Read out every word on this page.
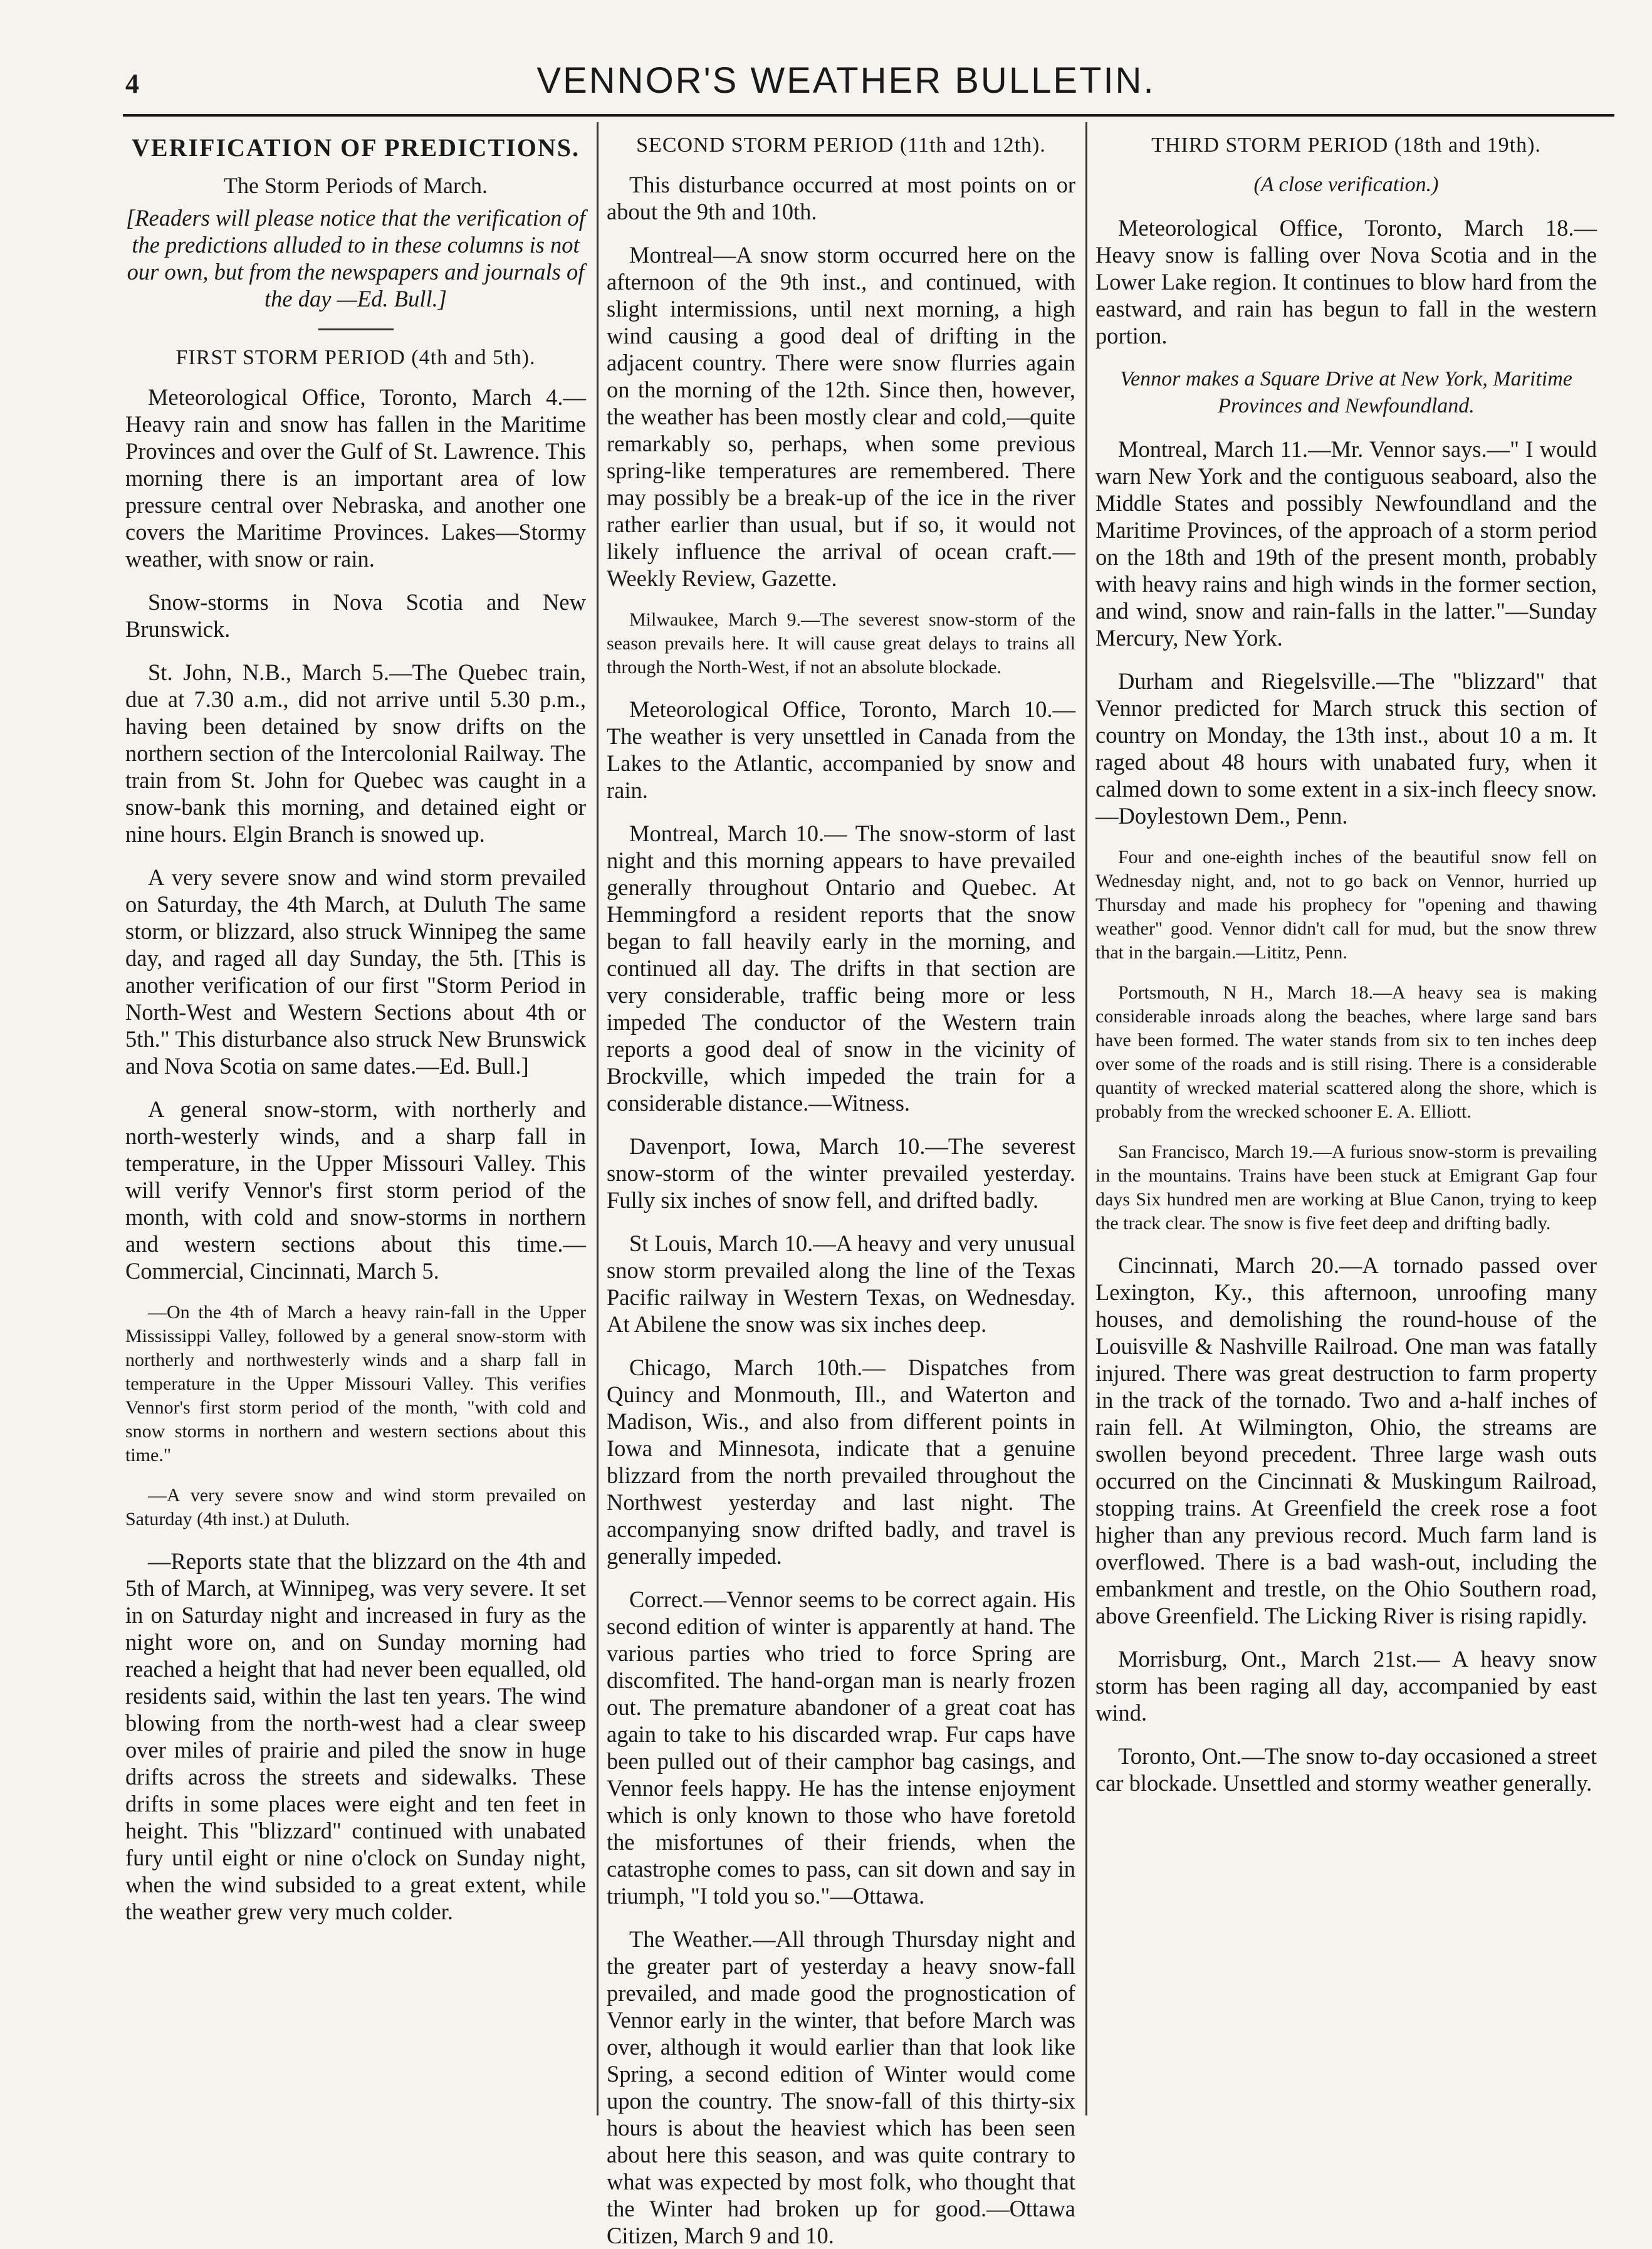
4	VENNOR'S WEATHER BULLETIN.
VERIFICATION OF PREDICTIONS.
The Storm Periods of March.

[Readers will please notice that the verification of the predictions alluded to in these columns is not our own, but from the newspapers and journals of the day —Ed. Bull.]

FIRST STORM PERIOD (4th and 5th).

Meteorological Office, Toronto, March 4.— Heavy rain and snow has fallen in the Maritime Provinces and over the Gulf of St. Lawrence. This morning there is an important area of low pressure central over Nebraska, and another one covers the Maritime Provinces. Lakes—Stormy weather, with snow or rain.

Snow-storms in Nova Scotia and New Brunswick.

St. John, N.B., March 5.—The Quebec train, due at 7.30 a.m., did not arrive until 5.30 p.m., having been detained by snow drifts on the northern section of the Intercolonial Railway. The train from St. John for Quebec was caught in a snow-bank this morning, and detained eight or nine hours. Elgin Branch is snowed up.

A very severe snow and wind storm prevailed on Saturday, the 4th March, at Duluth The same storm, or blizzard, also struck Winnipeg the same day, and raged all day Sunday, the 5th. [This is another verification of our first "Storm Period in North-West and Western Sections about 4th or 5th." This disturbance also struck New Brunswick and Nova Scotia on same dates.—Ed. Bull.]

A general snow-storm, with northerly and north-westerly winds, and a sharp fall in temperature, in the Upper Missouri Valley. This will verify Vennor's first storm period of the month, with cold and snow-storms in northern and western sections about this time.—Commercial, Cincinnati, March 5.

—On the 4th of March a heavy rain-fall in the Upper Mississippi Valley, followed by a general snow-storm with northerly and northwesterly winds and a sharp fall in temperature in the Upper Missouri Valley. This verifies Vennor's first storm period of the month, "with cold and snow storms in northern and western sections about this time."

—A very severe snow and wind storm prevailed on Saturday (4th inst.) at Duluth.

—Reports state that the blizzard on the 4th and 5th of March, at Winnipeg, was very severe. It set in on Saturday night and increased in fury as the night wore on, and on Sunday morning had reached a height that had never been equalled, old residents said, within the last ten years. The wind blowing from the north-west had a clear sweep over miles of prairie and piled the snow in huge drifts across the streets and sidewalks. These drifts in some places were eight and ten feet in height. This "blizzard" continued with unabated fury until eight or nine o'clock on Sunday night, when the wind subsided to a great extent, while the weather grew very much colder.

SECOND STORM PERIOD (11th and 12th).

This disturbance occurred at most points on or about the 9th and 10th.

Montreal—A snow storm occurred here on the afternoon of the 9th inst., and continued, with slight intermissions, until next morning, a high wind causing a good deal of drifting in the adjacent country. There were snow flurries again on the morning of the 12th. Since then, however, the weather has been mostly clear and cold,—quite remarkably so, perhaps, when some previous spring-like temperatures are remembered. There may possibly be a break-up of the ice in the river rather earlier than usual, but if so, it would not likely influence the arrival of ocean craft.—Weekly Review, Gazette.

Milwaukee, March 9.—The severest snow-storm of the season prevails here. It will cause great delays to trains all through the North-West, if not an absolute blockade.

Meteorological Office, Toronto, March 10.— The weather is very unsettled in Canada from the Lakes to the Atlantic, accompanied by snow and rain.

Montreal, March 10.— The snow-storm of last night and this morning appears to have prevailed generally throughout Ontario and Quebec. At Hemmingford a resident reports that the snow began to fall heavily early in the morning, and continued all day. The drifts in that section are very considerable, traffic being more or less impeded The conductor of the Western train reports a good deal of snow in the vicinity of Brockville, which impeded the train for a considerable distance.—Witness.

Davenport, Iowa, March 10.—The severest snow-storm of the winter prevailed yesterday. Fully six inches of snow fell, and drifted badly.

St Louis, March 10.—A heavy and very unusual snow storm prevailed along the line of the Texas Pacific railway in Western Texas, on Wednesday. At Abilene the snow was six inches deep.

Chicago, March 10th.— Dispatches from Quincy and Monmouth, Ill., and Waterton and Madison, Wis., and also from different points in Iowa and Minnesota, indicate that a genuine blizzard from the north prevailed throughout the Northwest yesterday and last night. The accompanying snow drifted badly, and travel is generally impeded.

Correct.—Vennor seems to be correct again. His second edition of winter is apparently at hand. The various parties who tried to force Spring are discomfited. The hand-organ man is nearly frozen out. The premature abandoner of a great coat has again to take to his discarded wrap. Fur caps have been pulled out of their camphor bag casings, and Vennor feels happy. He has the intense enjoyment which is only known to those who have foretold the misfortunes of their friends, when the catastrophe comes to pass, can sit down and say in triumph, "I told you so."—Ottawa.

The Weather.—All through Thursday night and the greater part of yesterday a heavy snow-fall prevailed, and made good the prognostication of Vennor early in the winter, that before March was over, although it would earlier than that look like Spring, a second edition of Winter would come upon the country. The snow-fall of this thirty-six hours is about the heaviest which has been seen about here this season, and was quite contrary to what was expected by most folk, who thought that the Winter had broken up for good.—Ottawa Citizen, March 9 and 10.

THIRD STORM PERIOD (18th and 19th).
(A close verification.)

Meteorological Office, Toronto, March 18.— Heavy snow is falling over Nova Scotia and in the Lower Lake region. It continues to blow hard from the eastward, and rain has begun to fall in the western portion.

Vennor makes a Square Drive at New York, Maritime Provinces and Newfoundland.

Montreal, March 11.—Mr. Vennor says.—" I would warn New York and the contiguous seaboard, also the Middle States and possibly Newfoundland and the Maritime Provinces, of the approach of a storm period on the 18th and 19th of the present month, probably with heavy rains and high winds in the former section, and wind, snow and rain-falls in the latter."—Sunday Mercury, New York.

Durham and Riegelsville.—The "blizzard" that Vennor predicted for March struck this section of country on Monday, the 13th inst., about 10 a m. It raged about 48 hours with unabated fury, when it calmed down to some extent in a six-inch fleecy snow.—Doylestown Dem., Penn.

Four and one-eighth inches of the beautiful snow fell on Wednesday night, and, not to go back on Vennor, hurried up Thursday and made his prophecy for "opening and thawing weather" good. Vennor didn't call for mud, but the snow threw that in the bargain.—Lititz, Penn.

Portsmouth, N H., March 18.—A heavy sea is making considerable inroads along the beaches, where large sand bars have been formed. The water stands from six to ten inches deep over some of the roads and is still rising. There is a considerable quantity of wrecked material scattered along the shore, which is probably from the wrecked schooner E. A. Elliott.

San Francisco, March 19.—A furious snow-storm is prevailing in the mountains. Trains have been stuck at Emigrant Gap four days Six hundred men are working at Blue Canon, trying to keep the track clear. The snow is five feet deep and drifting badly.

Cincinnati, March 20.—A tornado passed over Lexington, Ky., this afternoon, unroofing many houses, and demolishing the round-house of the Louisville & Nashville Railroad. One man was fatally injured. There was great destruction to farm property in the track of the tornado. Two and a-half inches of rain fell. At Wilmington, Ohio, the streams are swollen beyond precedent. Three large wash outs occurred on the Cincinnati & Muskingum Railroad, stopping trains. At Greenfield the creek rose a foot higher than any previous record. Much farm land is overflowed. There is a bad wash-out, including the embankment and trestle, on the Ohio Southern road, above Greenfield. The Licking River is rising rapidly.

Morrisburg, Ont., March 21st.— A heavy snow storm has been raging all day, accompanied by east wind.

Toronto, Ont.—The snow to-day occasioned a street car blockade. Unsettled and stormy weather generally.
